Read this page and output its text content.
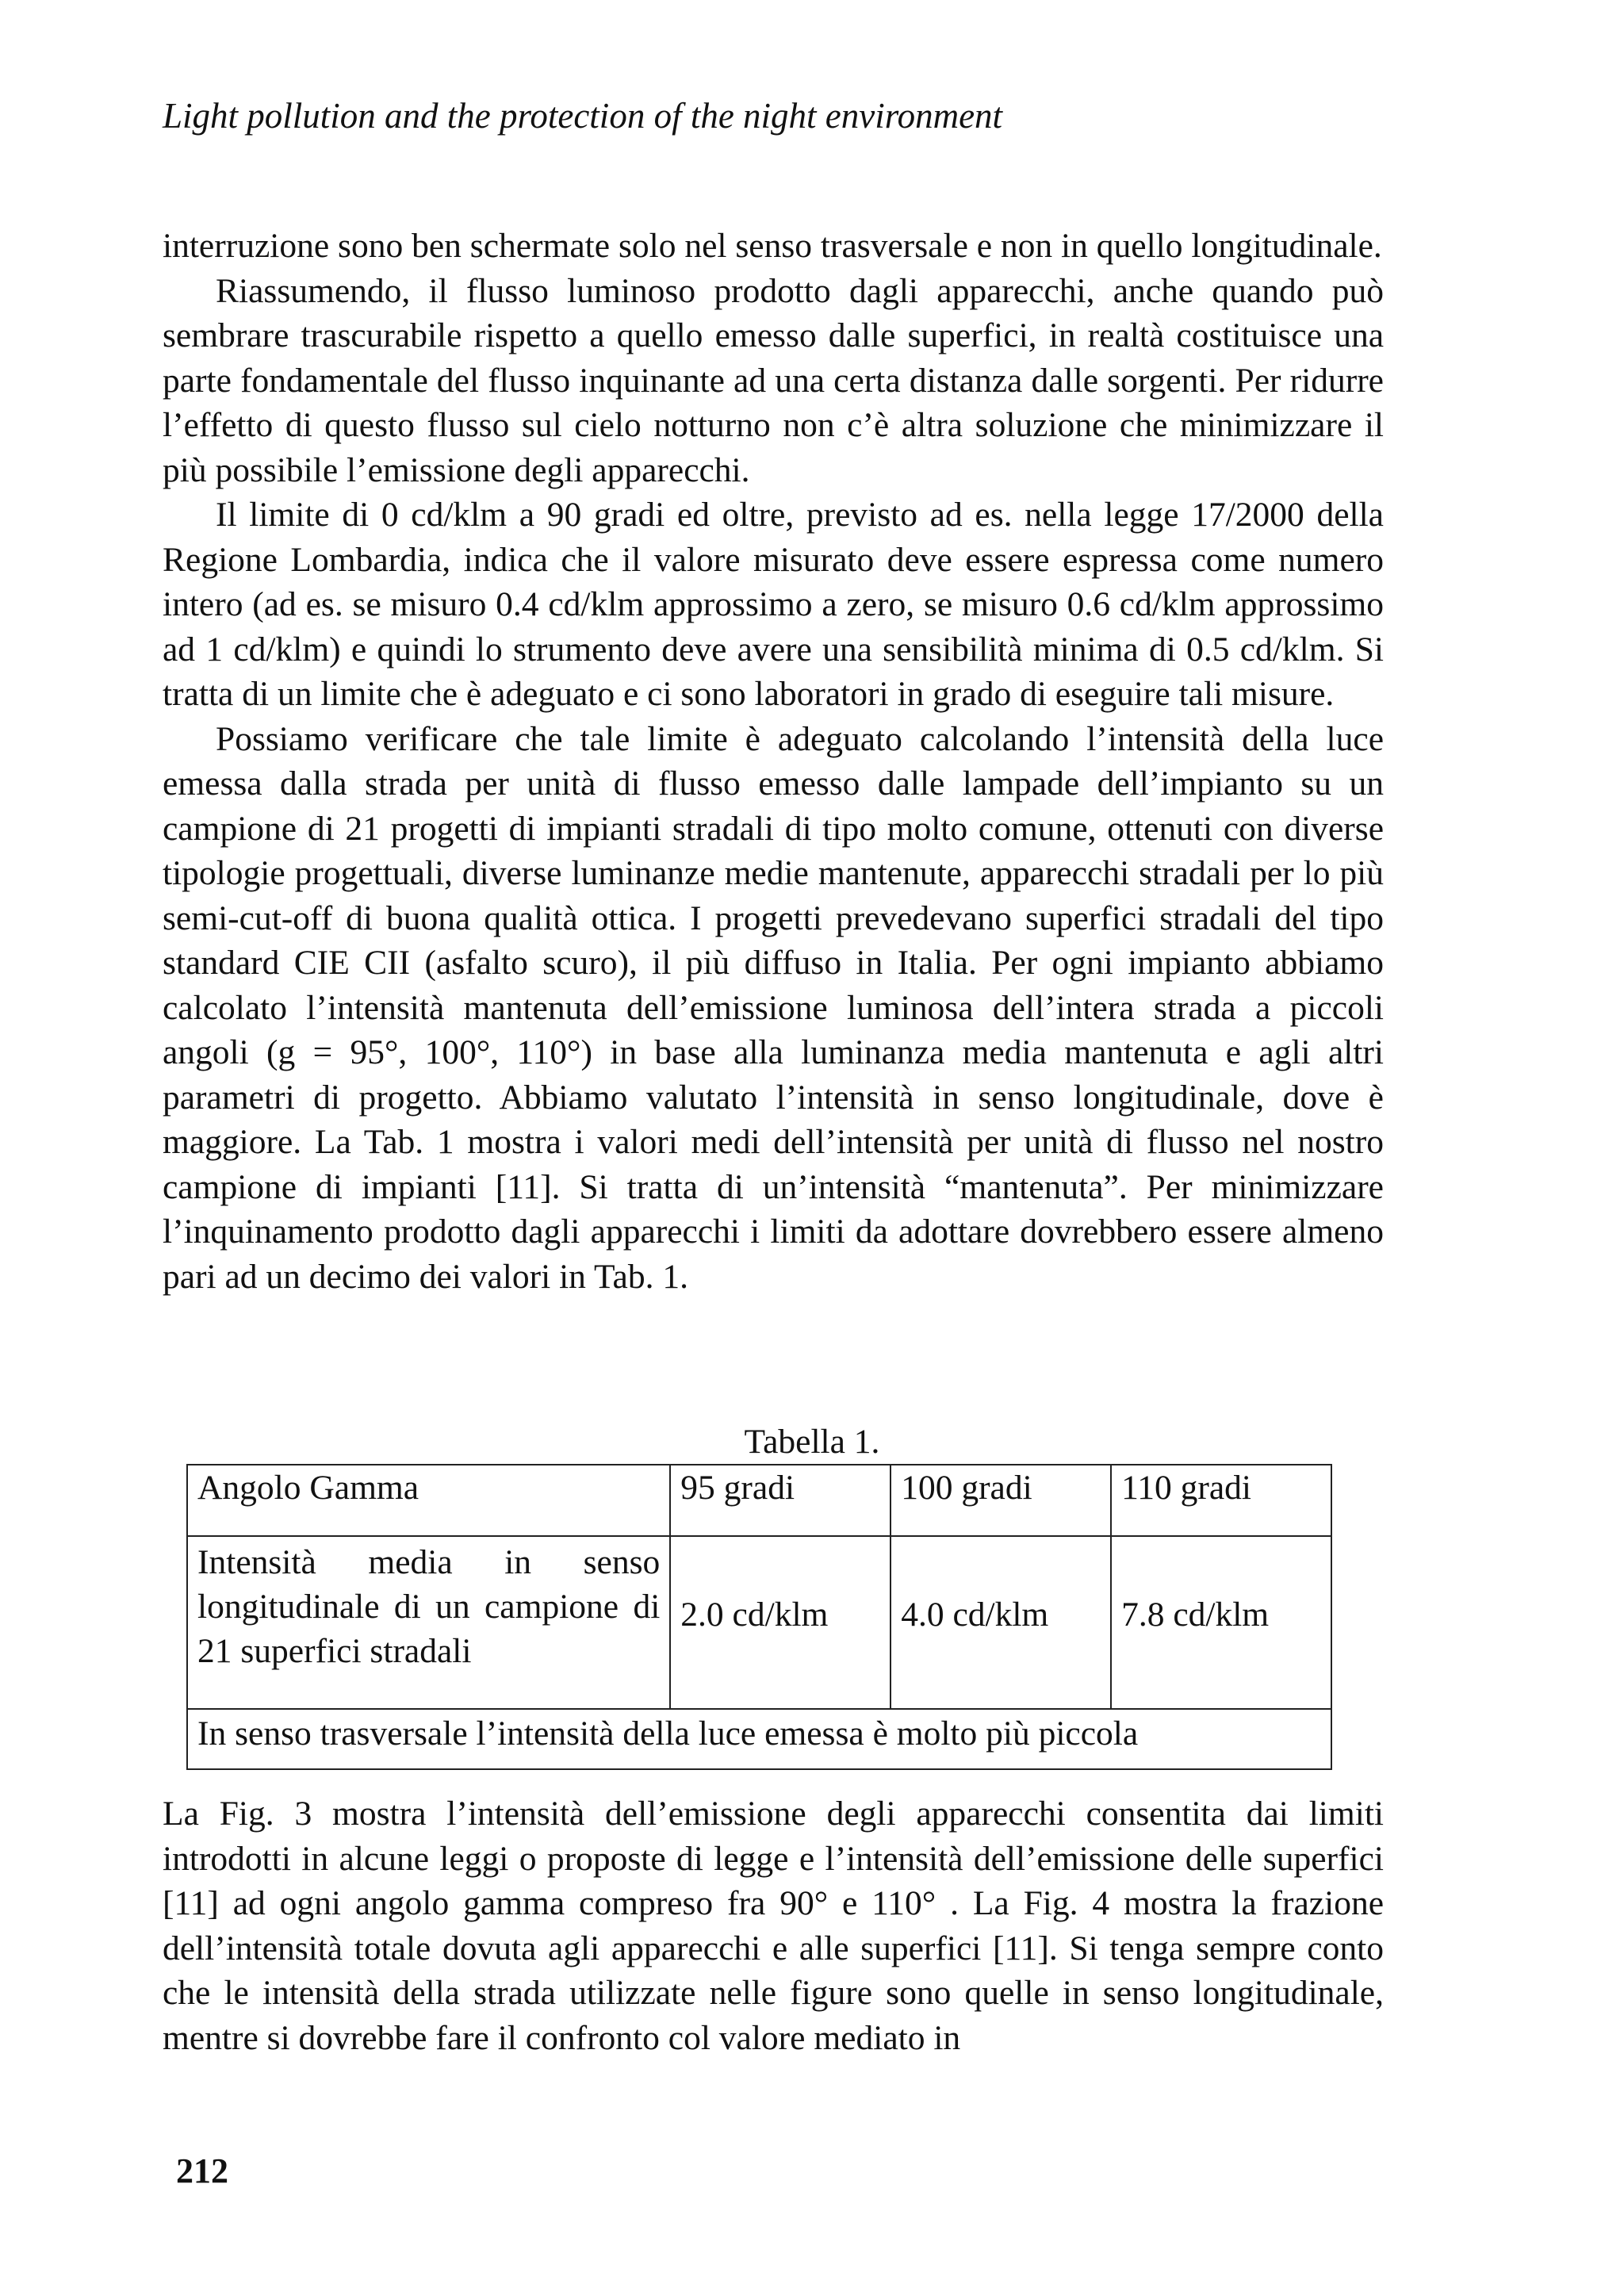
Light pollution and the protection of the night environment

interruzione sono ben schermate solo nel senso trasversale e non in quello longitudinale.

Riassumendo, il flusso luminoso prodotto dagli apparecchi, anche quando può sembrare trascurabile rispetto a quello emesso dalle superfici, in realtà costituisce una parte fondamentale del flusso inquinante ad una certa distanza dalle sorgenti. Per ridurre l’effetto di questo flusso sul cielo notturno non c’è altra soluzione che minimizzare il più possibile l’emissione degli apparecchi.

Il limite di 0 cd/klm a 90 gradi ed oltre, previsto ad es. nella legge 17/2000 della Regione Lombardia, indica che il valore misurato deve essere espressa come numero intero (ad es. se misuro 0.4 cd/klm approssimo a zero, se misuro 0.6 cd/klm approssimo ad 1 cd/klm) e quindi lo strumento deve avere una sensibilità minima di 0.5 cd/klm. Si tratta di un limite che è adeguato e ci sono laboratori in grado di eseguire tali misure.

Possiamo verificare che tale limite è adeguato calcolando l’intensità della luce emessa dalla strada per unità di flusso emesso dalle lampade dell’impianto su un campione di 21 progetti di impianti stradali di tipo molto comune, ottenuti con diverse tipologie progettuali, diverse luminanze medie mantenute, apparecchi stradali per lo più semi-cut-off di buona qualità ottica. I progetti prevedevano superfici stradali del tipo standard CIE CII (asfalto scuro), il più diffuso in Italia. Per ogni impianto abbiamo calcolato l’intensità mantenuta dell’emissione luminosa dell’intera strada a piccoli angoli (g = 95°, 100°, 110°) in base alla luminanza media mantenuta e agli altri parametri di progetto. Abbiamo valutato l’intensità in senso longitudinale, dove è maggiore. La Tab. 1 mostra i valori medi dell’intensità per unità di flusso nel nostro campione di impianti [11]. Si tratta di un’intensità “mantenuta”. Per minimizzare l’inquinamento prodotto dagli apparecchi i limiti da adottare dovrebbero essere almeno pari ad un decimo dei valori in Tab. 1.

Tabella 1.
Angolo Gamma	95 gradi	100 gradi	110 gradi
Intensità media in senso longitudinale di un campione di 21 superfici stradali	2.0 cd/klm	4.0 cd/klm	7.8 cd/klm
In senso trasversale l’intensità della luce emessa è molto più piccola			

La Fig. 3 mostra l’intensità dell’emissione degli apparecchi consentita dai limiti introdotti in alcune leggi o proposte di legge e l’intensità dell’emissione delle superfici [11] ad ogni angolo gamma compreso fra 90° e 110° . La Fig. 4 mostra la frazione dell’intensità totale dovuta agli apparecchi e alle superfici [11]. Si tenga sempre conto che le intensità della strada utilizzate nelle figure sono quelle in senso longitudinale, mentre si dovrebbe fare il confronto col valore mediato in

212
